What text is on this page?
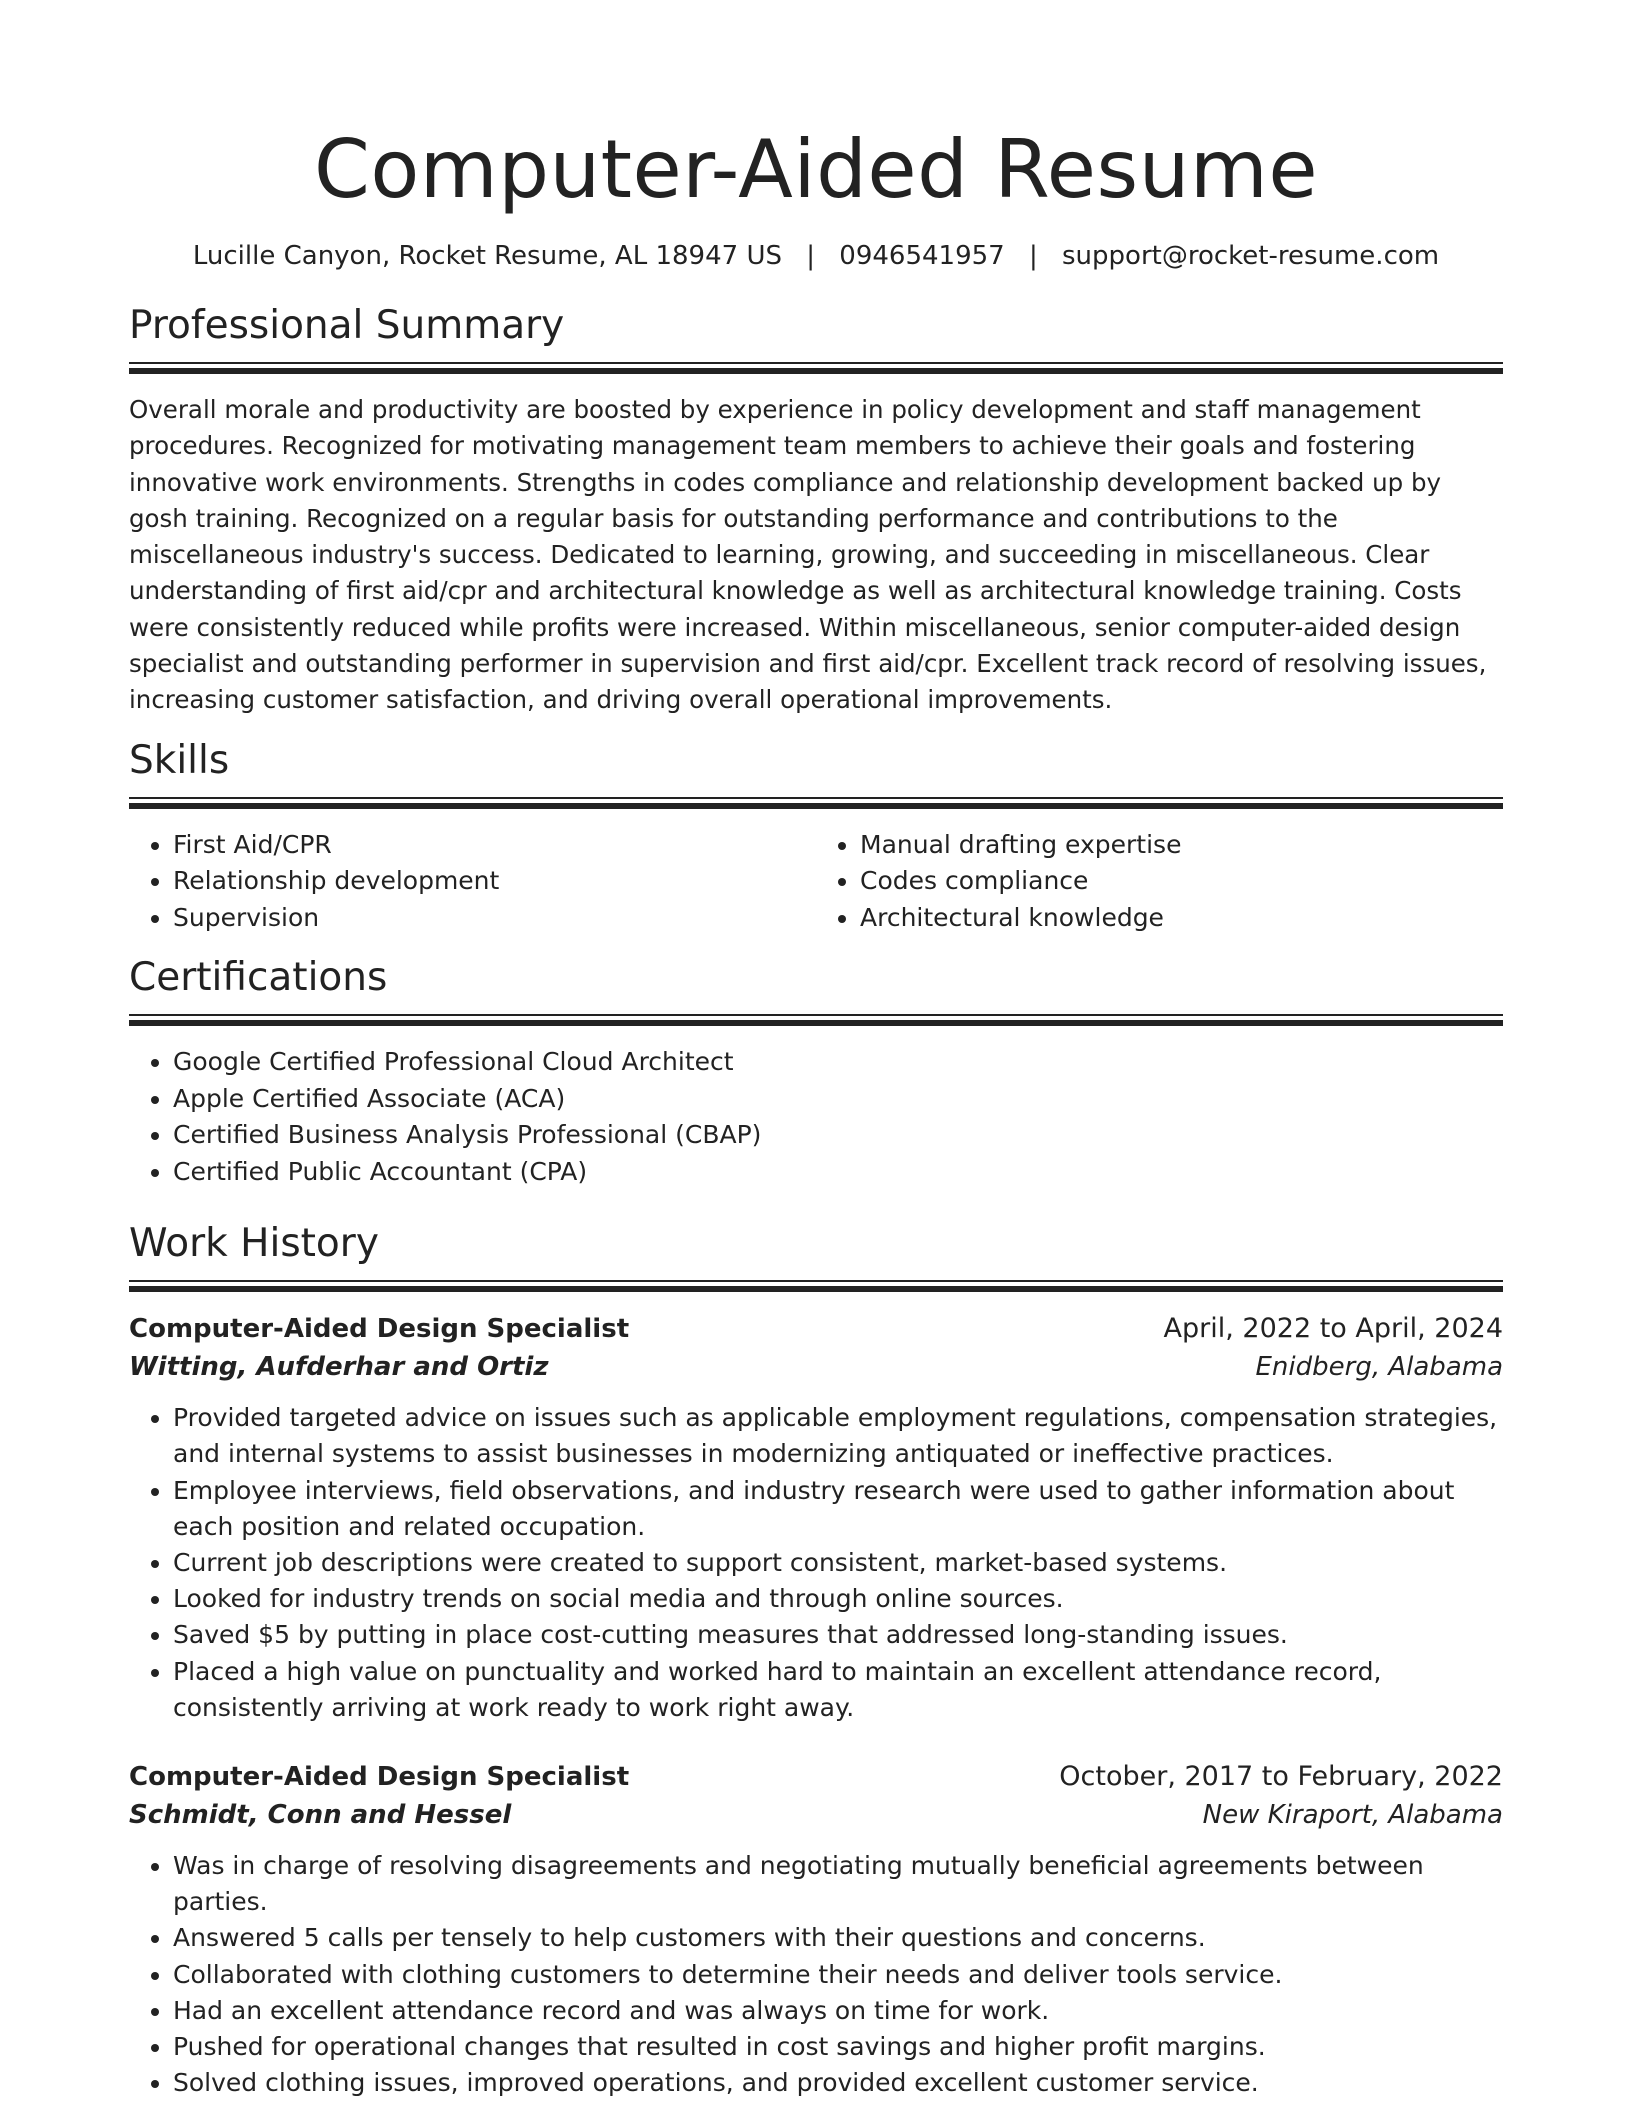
Computer-Aided Resume
Lucille Canyon, Rocket Resume, AL 18947 US | 0946541957 | support@rocket-resume.com
Professional Summary

Overall morale and productivity are boosted by experience in policy development and staff management procedures. Recognized for motivating management team members to achieve their goals and fostering innovative work environments. Strengths in codes compliance and relationship development backed up by gosh training. Recognized on a regular basis for outstanding performance and contributions to the miscellaneous industry's success. Dedicated to learning, growing, and succeeding in miscellaneous. Clear understanding of first aid/cpr and architectural knowledge as well as architectural knowledge training. Costs were consistently reduced while profits were increased. Within miscellaneous, senior computer-aided design specialist and outstanding performer in supervision and first aid/cpr. Excellent track record of resolving issues, increasing customer satisfaction, and driving overall operational improvements.

Skills
• First Aid/CPR
• Relationship development
• Supervision
• Manual drafting expertise
• Codes compliance
• Architectural knowledge
Certifications
• Google Certified Professional Cloud Architect
• Apple Certified Associate (ACA)
• Certified Business Analysis Professional (CBAP)
• Certified Public Accountant (CPA)
Work History
Computer-Aided Design Specialist	April, 2022 to April, 2024
Witting, Aufderhar and Ortiz	Enidberg, Alabama
• Provided targeted advice on issues such as applicable employment regulations, compensation strategies, and internal systems to assist businesses in modernizing antiquated or ineffective practices.
• Employee interviews, field observations, and industry research were used to gather information about each position and related occupation.
• Current job descriptions were created to support consistent, market-based systems.
• Looked for industry trends on social media and through online sources.
• Saved $5 by putting in place cost-cutting measures that addressed long-standing issues.
• Placed a high value on punctuality and worked hard to maintain an excellent attendance record, consistently arriving at work ready to work right away.
Computer-Aided Design Specialist	October, 2017 to February, 2022
Schmidt, Conn and Hessel	New Kiraport, Alabama
• Was in charge of resolving disagreements and negotiating mutually beneficial agreements between parties.
• Answered 5 calls per tensely to help customers with their questions and concerns.
• Collaborated with clothing customers to determine their needs and deliver tools service.
• Had an excellent attendance record and was always on time for work.
• Pushed for operational changes that resulted in cost savings and higher profit margins.
• Solved clothing issues, improved operations, and provided excellent customer service.
